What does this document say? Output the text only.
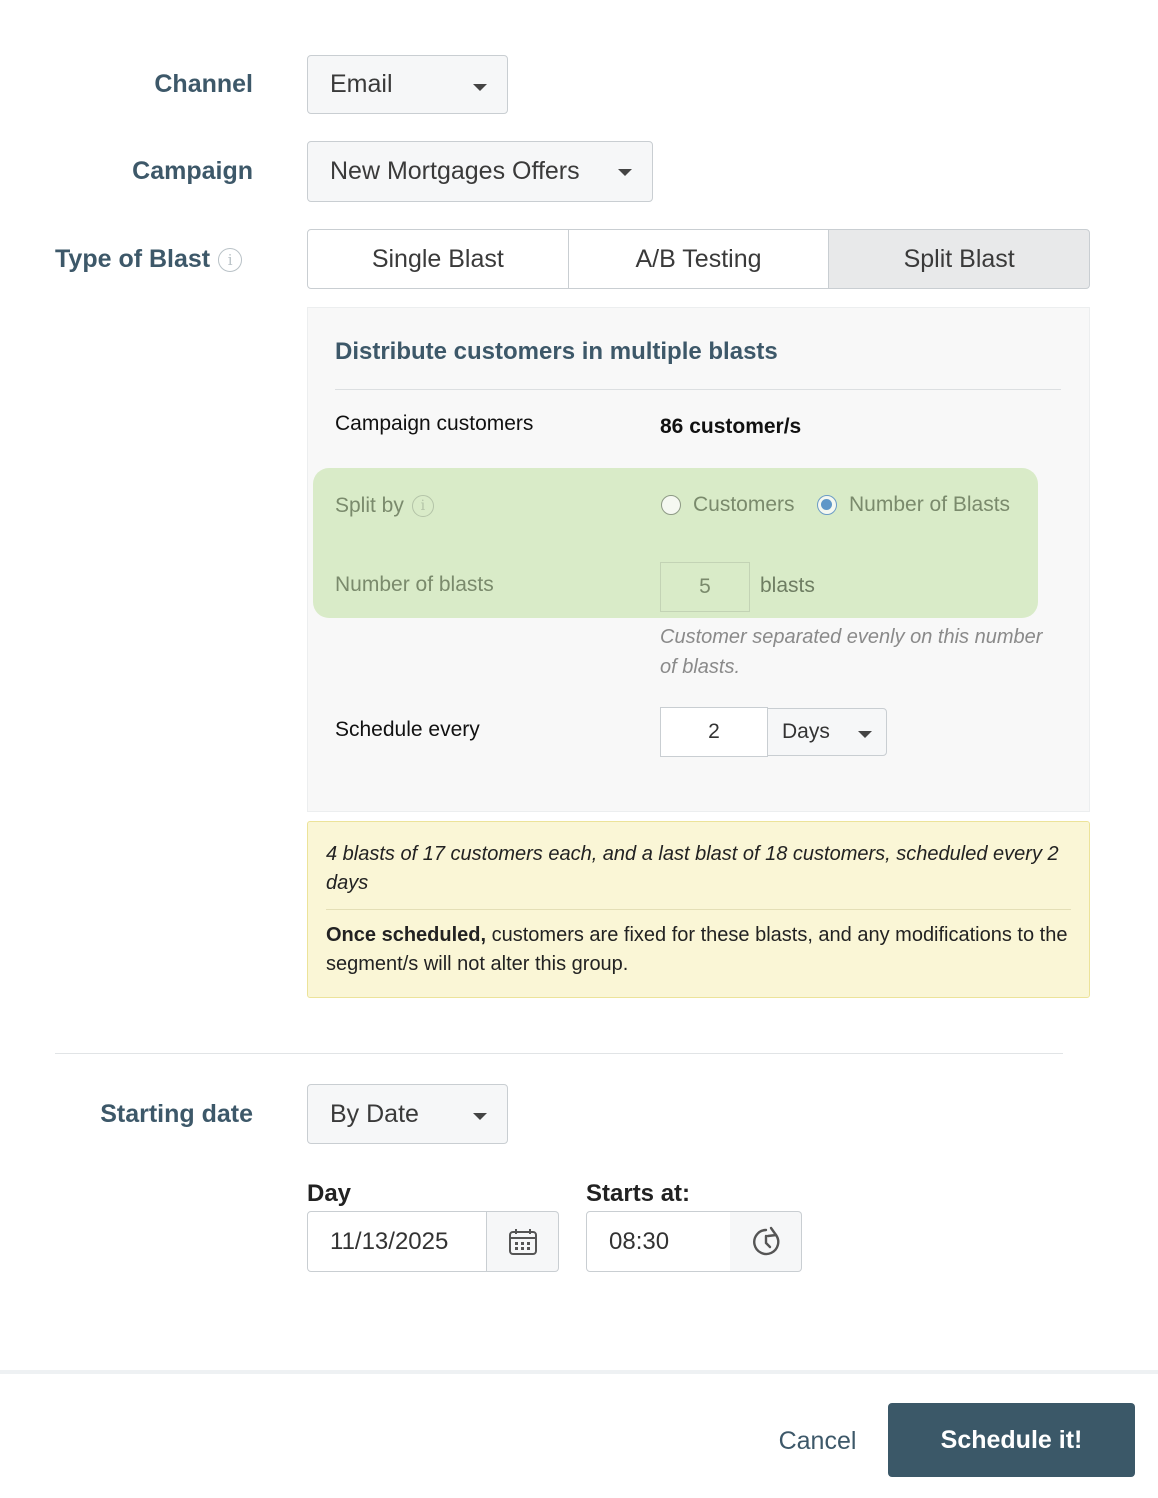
Channel	Email
Campaign	New Mortgages Offers
Type of Blast i	Single Blast	A/B Testing	Split Blast
Distribute customers in multiple blasts
Campaign customers	86 customer/s
Split by i	Customers	Number of Blasts
Number of blasts	5	blasts
Customer separated evenly on this number of blasts.
Schedule every	2	Days
4 blasts of 17 customers each, and a last blast of 18 customers, scheduled every 2 days
Once scheduled, customers are fixed for these blasts, and any modifications to the segment/s will not alter this group.
Starting date	By Date
Day
11/13/2025
Starts at:
08:30
Cancel	Schedule it!
